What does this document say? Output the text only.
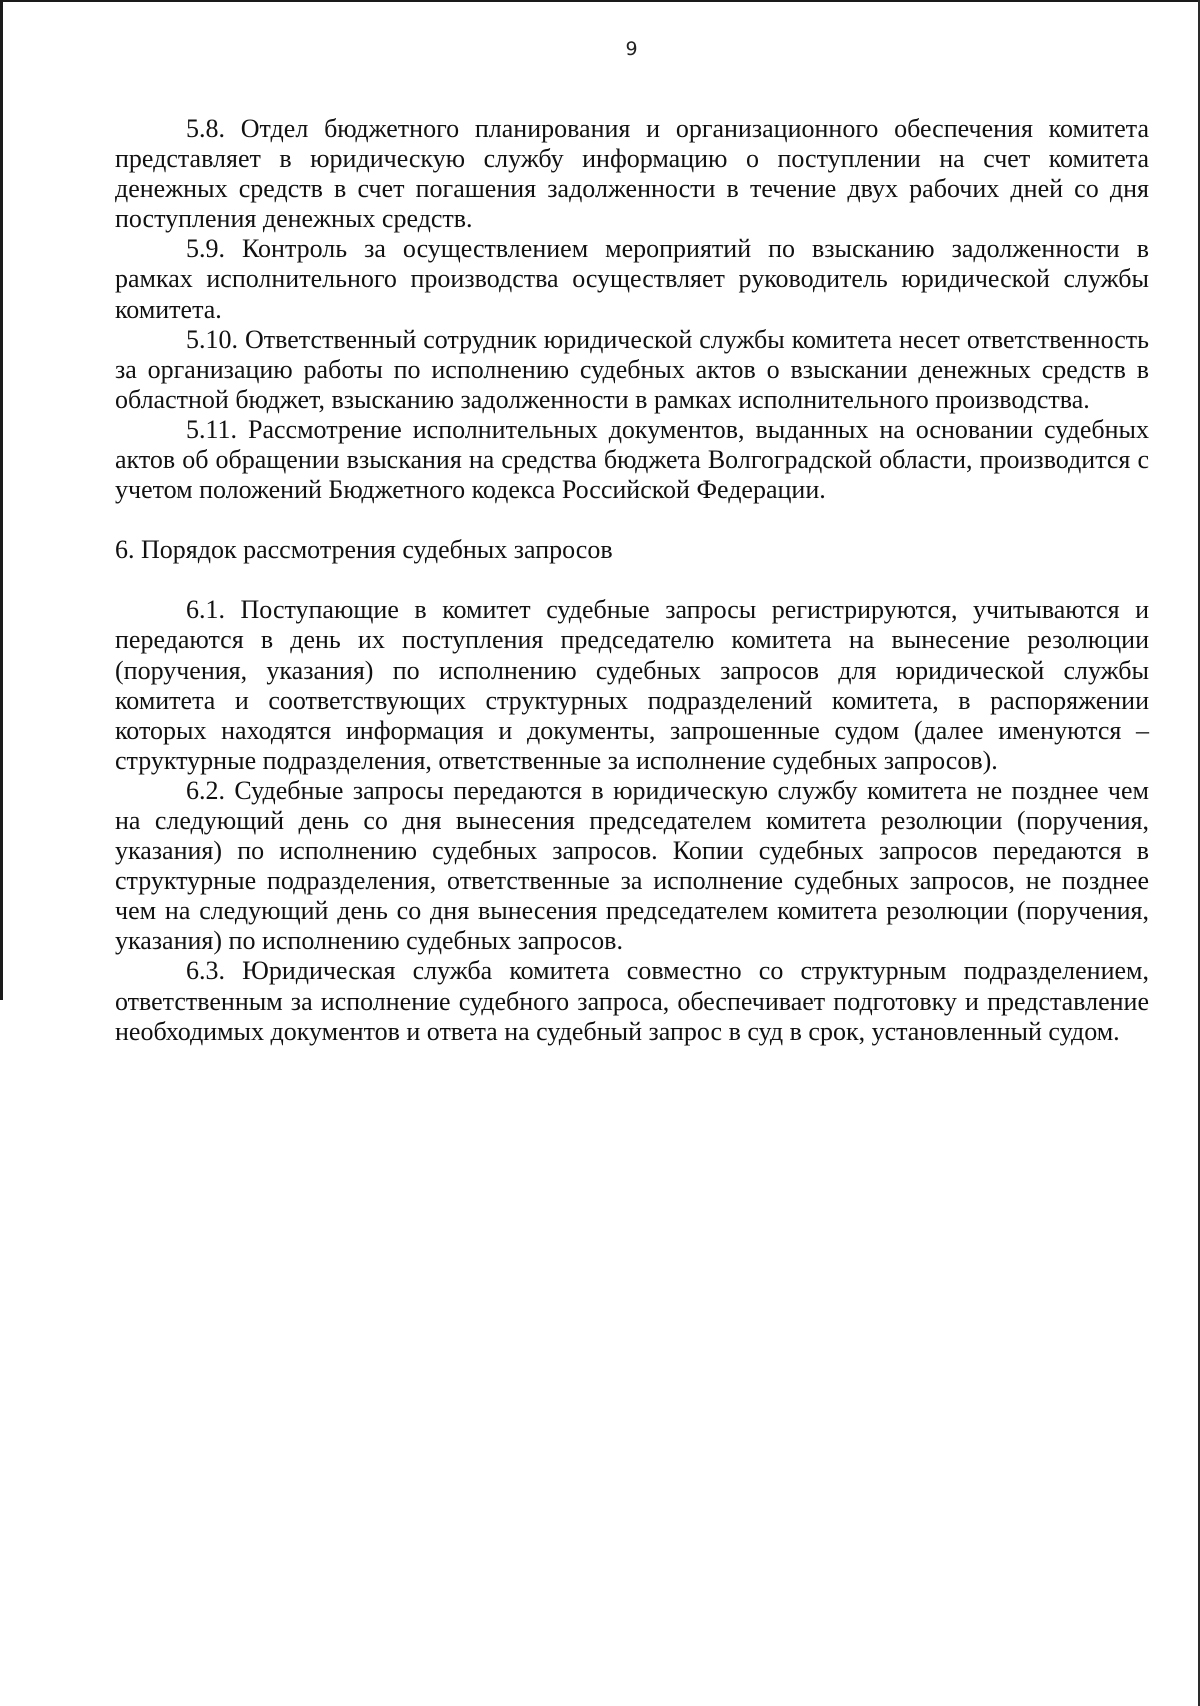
9

5.8. Отдел бюджетного планирования и организационного обеспечения комитета представляет в юридическую службу информацию о поступлении на счет комитета денежных средств в счет погашения задолженности в течение двух рабочих дней со дня поступления денежных средств.

5.9. Контроль за осуществлением мероприятий по взысканию задолженности в рамках исполнительного производства осуществляет руководитель юридической службы комитета.

5.10. Ответственный сотрудник юридической службы комитета несет ответственность за организацию работы по исполнению судебных актов о взыскании денежных средств в областной бюджет, взысканию задолженности в рамках исполнительного производства.

5.11. Рассмотрение исполнительных документов, выданных на основании судебных актов об обращении взыскания на средства бюджета Волгоградской области, производится с учетом положений Бюджетного кодекса Российской Федерации.

6. Порядок рассмотрения судебных запросов

6.1. Поступающие в комитет судебные запросы регистрируются, учитываются и передаются в день их поступления председателю комитета на вынесение резолюции (поручения, указания) по исполнению судебных запросов для юридической службы комитета и соответствующих структурных подразделений комитета, в распоряжении которых находятся информация и документы, запрошенные судом (далее именуются – структурные подразделения, ответственные за исполнение судебных запросов).

6.2. Судебные запросы передаются в юридическую службу комитета не позднее чем на следующий день со дня вынесения председателем комитета резолюции (поручения, указания) по исполнению судебных запросов. Копии судебных запросов передаются в структурные подразделения, ответственные за исполнение судебных запросов, не позднее чем на следующий день со дня вынесения председателем комитета резолюции (поручения, указания) по исполнению судебных запросов.

6.3. Юридическая служба комитета совместно со структурным подразделением, ответственным за исполнение судебного запроса, обеспечивает подготовку и представление необходимых документов и ответа на судебный запрос в суд в срок, установленный судом.
